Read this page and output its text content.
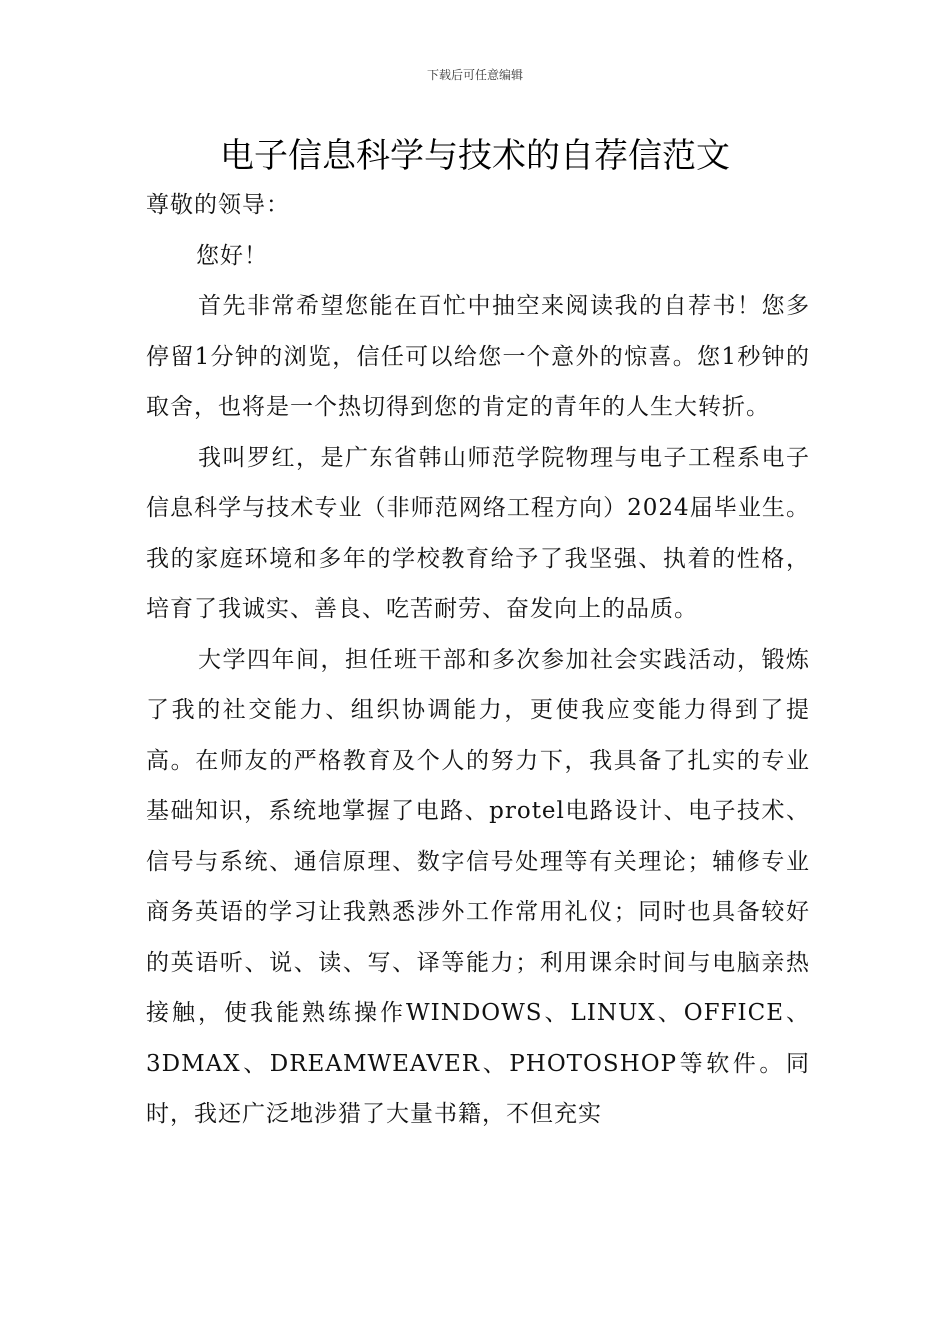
下载后可任意编辑
电子信息科学与技术的自荐信范文

尊敬的领导：

您好！

首先非常希望您能在百忙中抽空来阅读我的自荐书！您多停留1分钟的浏览，信任可以给您一个意外的惊喜。您1秒钟的取舍，也将是一个热切得到您的肯定的青年的人生大转折。

我叫罗红，是广东省韩山师范学院物理与电子工程系电子信息科学与技术专业（非师范网络工程方向）2024届毕业生。我的家庭环境和多年的学校教育给予了我坚强、执着的性格，培育了我诚实、善良、吃苦耐劳、奋发向上的品质。

大学四年间，担任班干部和多次参加社会实践活动，锻炼了我的社交能力、组织协调能力，更使我应变能力得到了提高。在师友的严格教育及个人的努力下，我具备了扎实的专业基础知识，系统地掌握了电路、protel电路设计、电子技术、信号与系统、通信原理、数字信号处理等有关理论；辅修专业商务英语的学习让我熟悉涉外工作常用礼仪；同时也具备较好的英语听、说、读、写、译等能力；利用课余时间与电脑亲热接触，使我能熟练操作WINDOWS、LINUX、OFFICE、3DMAX、DREAMWEAVER、PHOTOSHOP等软件。同时，我还广泛地涉猎了大量书籍，不但充实
